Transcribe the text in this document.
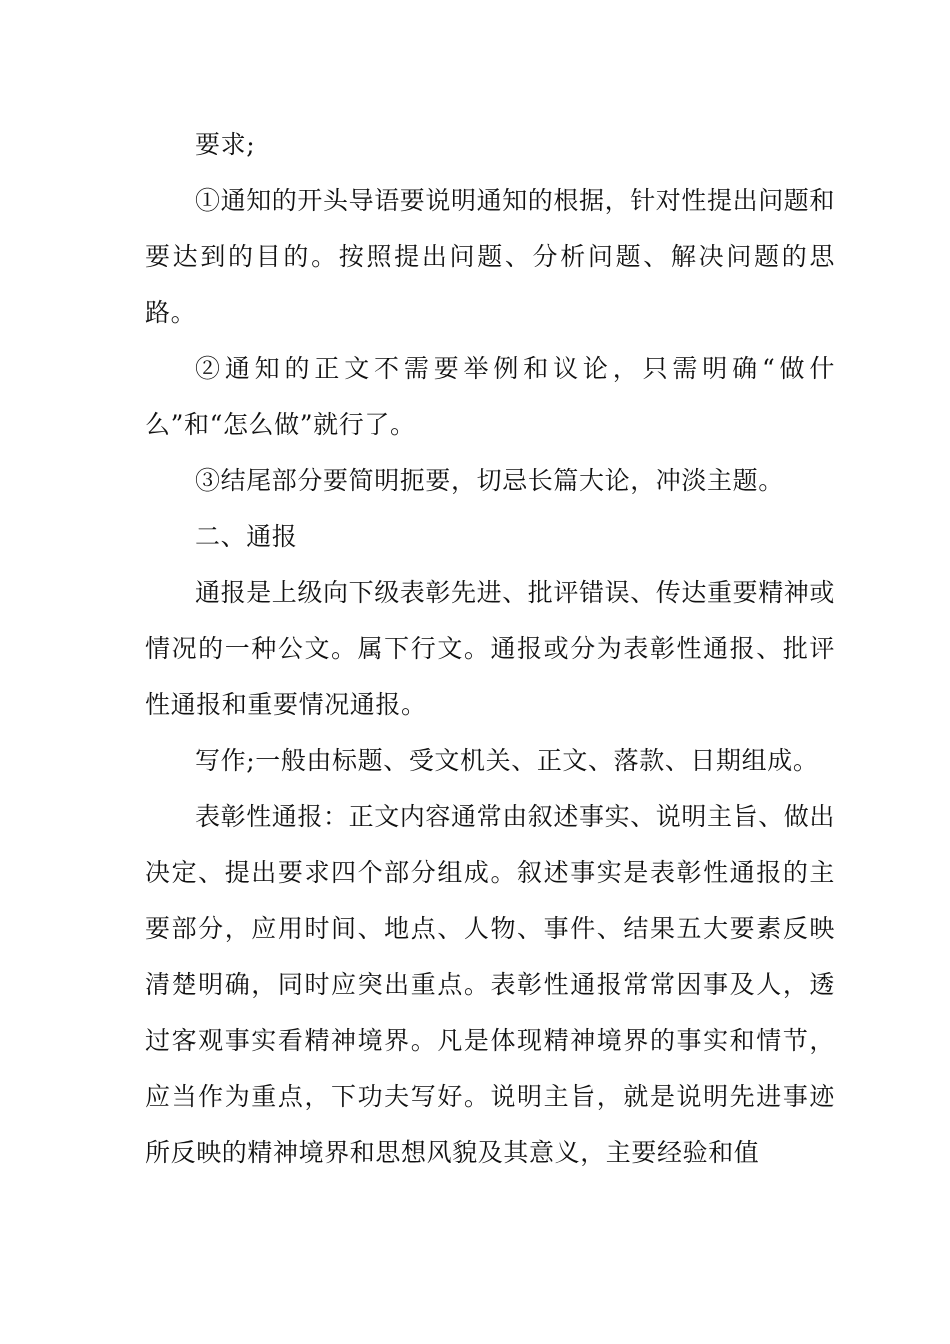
要求;

①通知的开头导语要说明通知的根据，针对性提出问题和要达到的目的。按照提出问题、分析问题、解决问题的思路。

②通知的正文不需要举例和议论，只需明确“做什么”和“怎么做”就行了。

③结尾部分要简明扼要，切忌长篇大论，冲淡主题。

二、通报

通报是上级向下级表彰先进、批评错误、传达重要精神或情况的一种公文。属下行文。通报或分为表彰性通报、批评性通报和重要情况通报。

写作;一般由标题、受文机关、正文、落款、日期组成。

表彰性通报：正文内容通常由叙述事实、说明主旨、做出决定、提出要求四个部分组成。叙述事实是表彰性通报的主要部分，应用时间、地点、人物、事件、结果五大要素反映清楚明确，同时应突出重点。表彰性通报常常因事及人，透过客观事实看精神境界。凡是体现精神境界的事实和情节，应当作为重点，下功夫写好。说明主旨，就是说明先进事迹所反映的精神境界和思想风貌及其意义，主要经验和值
